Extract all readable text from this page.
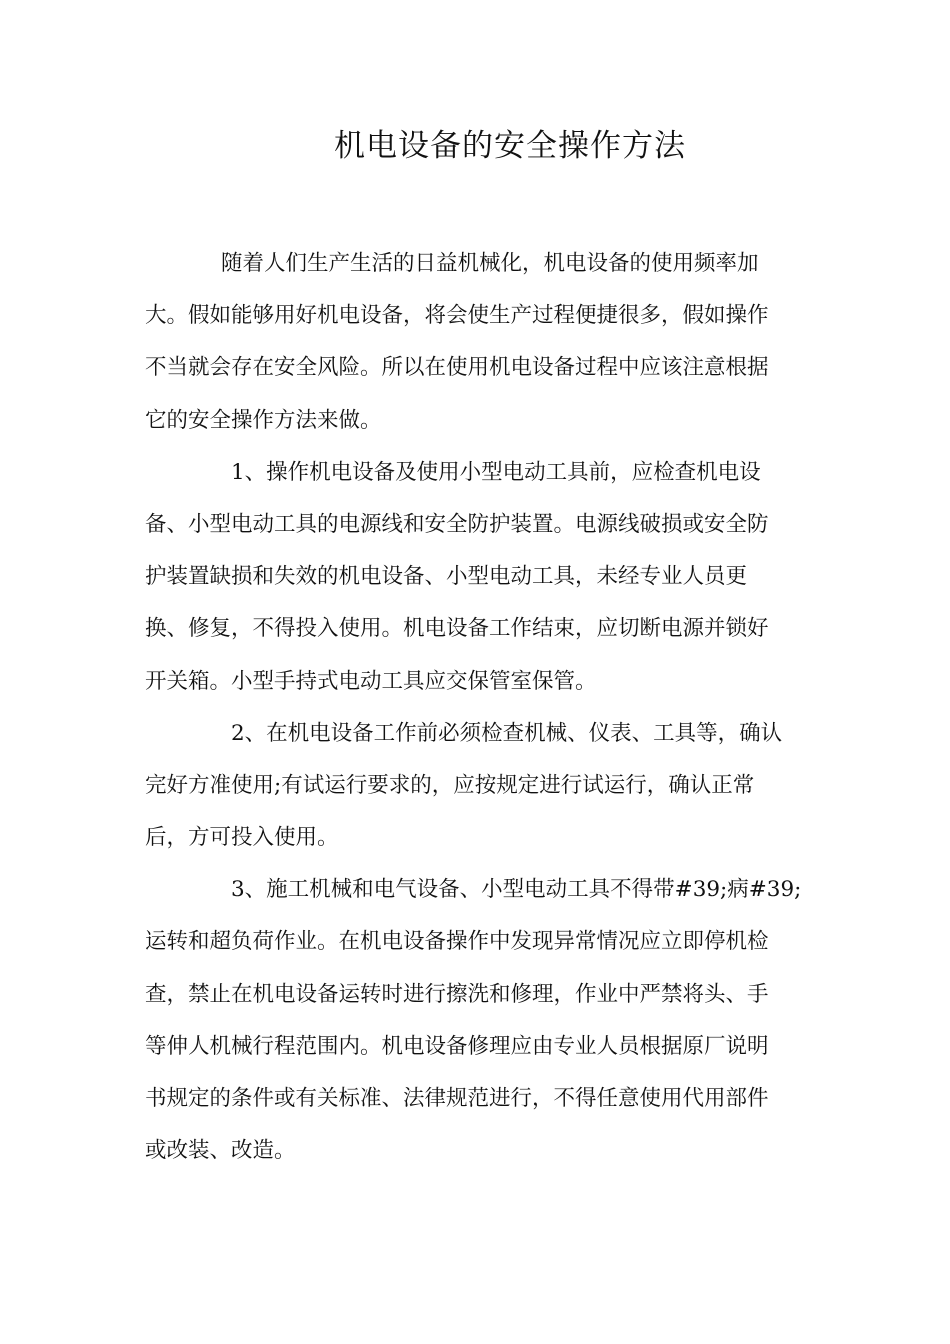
机电设备的安全操作方法
随着人们生产生活的日益机械化，机电设备的使用频率加
大。假如能够用好机电设备，将会使生产过程便捷很多，假如操作
不当就会存在安全风险。所以在使用机电设备过程中应该注意根据
它的安全操作方法来做。
1、操作机电设备及使用小型电动工具前，应检查机电设
备、小型电动工具的电源线和安全防护装置。电源线破损或安全防
护装置缺损和失效的机电设备、小型电动工具，未经专业人员更
换、修复，不得投入使用。机电设备工作结束，应切断电源并锁好
开关箱。小型手持式电动工具应交保管室保管。
2、在机电设备工作前必须检查机械、仪表、工具等，确认
完好方准使用;有试运行要求的，应按规定进行试运行，确认正常
后，方可投入使用。
3、施工机械和电气设备、小型电动工具不得带#39;病#39;
运转和超负荷作业。在机电设备操作中发现异常情况应立即停机检
查，禁止在机电设备运转时进行擦洗和修理，作业中严禁将头、手
等伸人机械行程范围内。机电设备修理应由专业人员根据原厂说明
书规定的条件或有关标准、法律规范进行，不得任意使用代用部件
或改装、改造。
